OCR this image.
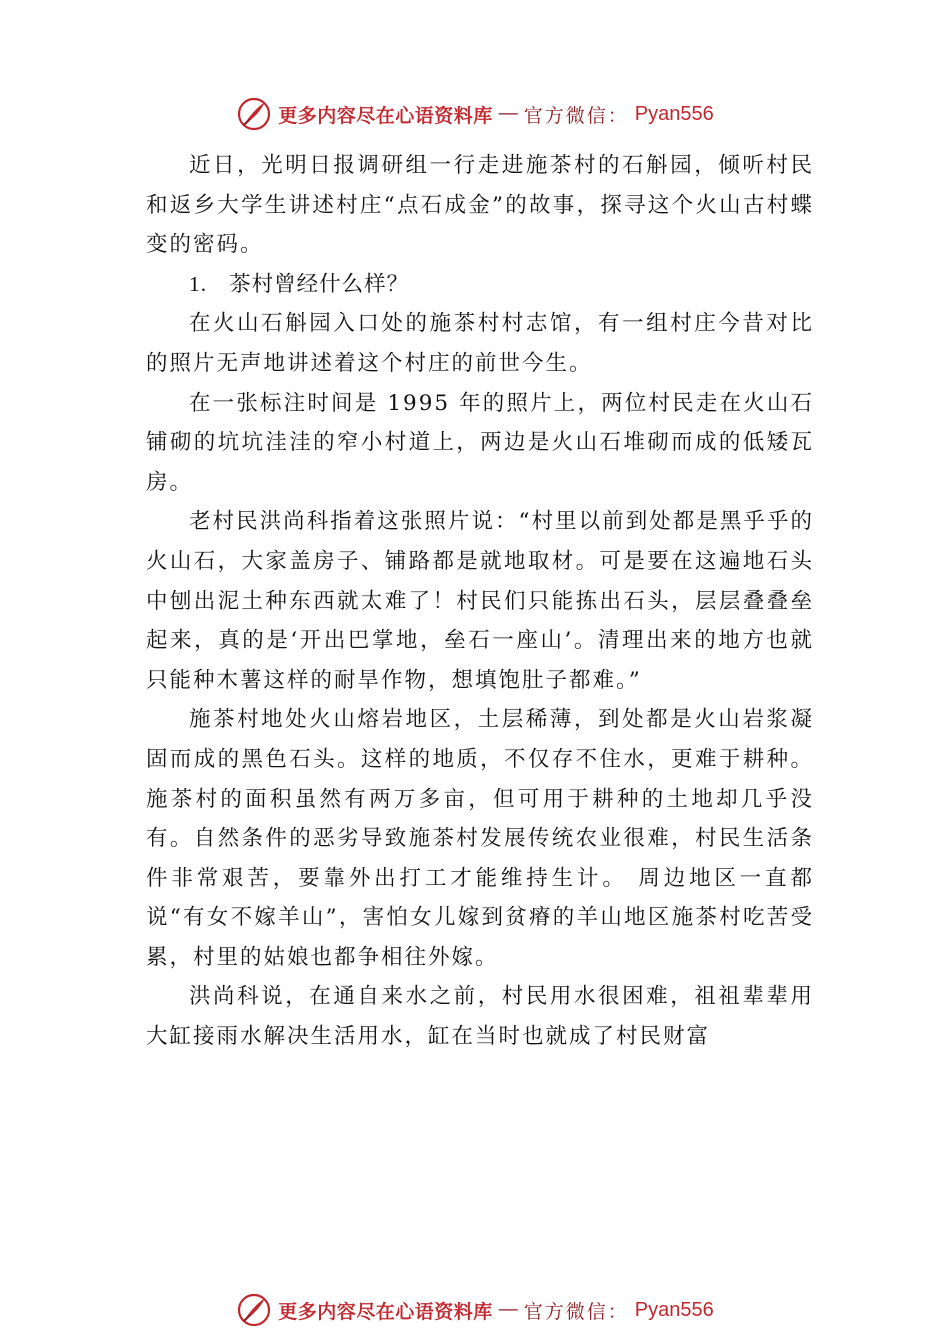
更多内容尽在心语资料库 — 官方微信： Pyan556

近日，光明日报调研组一行走进施茶村的石斛园，倾听村民和返乡大学生讲述村庄“点石成金”的故事，探寻这个火山古村蝶变的密码。

1. 茶村曾经什么样？

在火山石斛园入口处的施茶村村志馆，有一组村庄今昔对比的照片无声地讲述着这个村庄的前世今生。

在一张标注时间是 1995 年的照片上，两位村民走在火山石铺砌的坑坑洼洼的窄小村道上，两边是火山石堆砌而成的低矮瓦房。

老村民洪尚科指着这张照片说：“村里以前到处都是黑乎乎的火山石，大家盖房子、铺路都是就地取材。可是要在这遍地石头中刨出泥土种东西就太难了！村民们只能拣出石头，层层叠叠垒起来，真的是‘开出巴掌地，垒石一座山’。清理出来的地方也就只能种木薯这样的耐旱作物，想填饱肚子都难。”

施茶村地处火山熔岩地区，土层稀薄，到处都是火山岩浆凝固而成的黑色石头。这样的地质，不仅存不住水，更难于耕种。施茶村的面积虽然有两万多亩，但可用于耕种的土地却几乎没有。自然条件的恶劣导致施茶村发展传统农业很难，村民生活条件非常艰苦，要靠外出打工才能维持生计。 周边地区一直都说“有女不嫁羊山”，害怕女儿嫁到贫瘠的羊山地区施茶村吃苦受累，村里的姑娘也都争相往外嫁。

洪尚科说，在通自来水之前，村民用水很困难，祖祖辈辈用大缸接雨水解决生活用水，缸在当时也就成了村民财富

更多内容尽在心语资料库 — 官方微信： Pyan556
